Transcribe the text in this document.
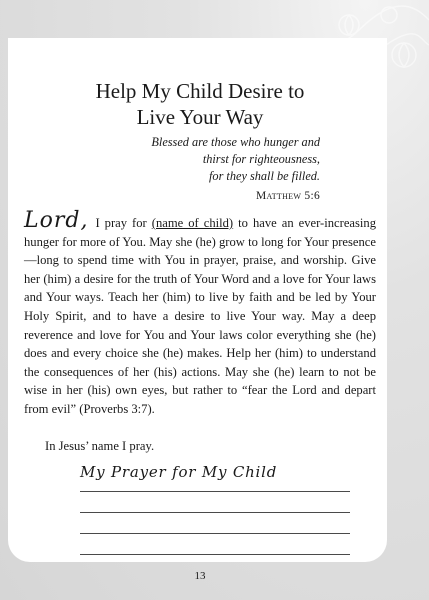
Help My Child Desire to
Live Your Way
Blessed are those who hunger and
thirst for righteousness,
for they shall be filled.
Matthew 5:6

Lord, I pray for (name of child) to have an ever-increasing hunger for more of You. May she (he) grow to long for Your presence—long to spend time with You in prayer, praise, and worship. Give her (him) a desire for the truth of Your Word and a love for Your laws and Your ways. Teach her (him) to live by faith and be led by Your Holy Spirit, and to have a desire to live Your way. May a deep reverence and love for You and Your laws color everything she (he) does and every choice she (he) makes. Help her (him) to understand the consequences of her (his) actions. May she (he) learn to not be wise in her (his) own eyes, but rather to “fear the Lord and depart from evil” (Proverbs 3:7).

In Jesus’ name I pray.
My Prayer for My Child
13
